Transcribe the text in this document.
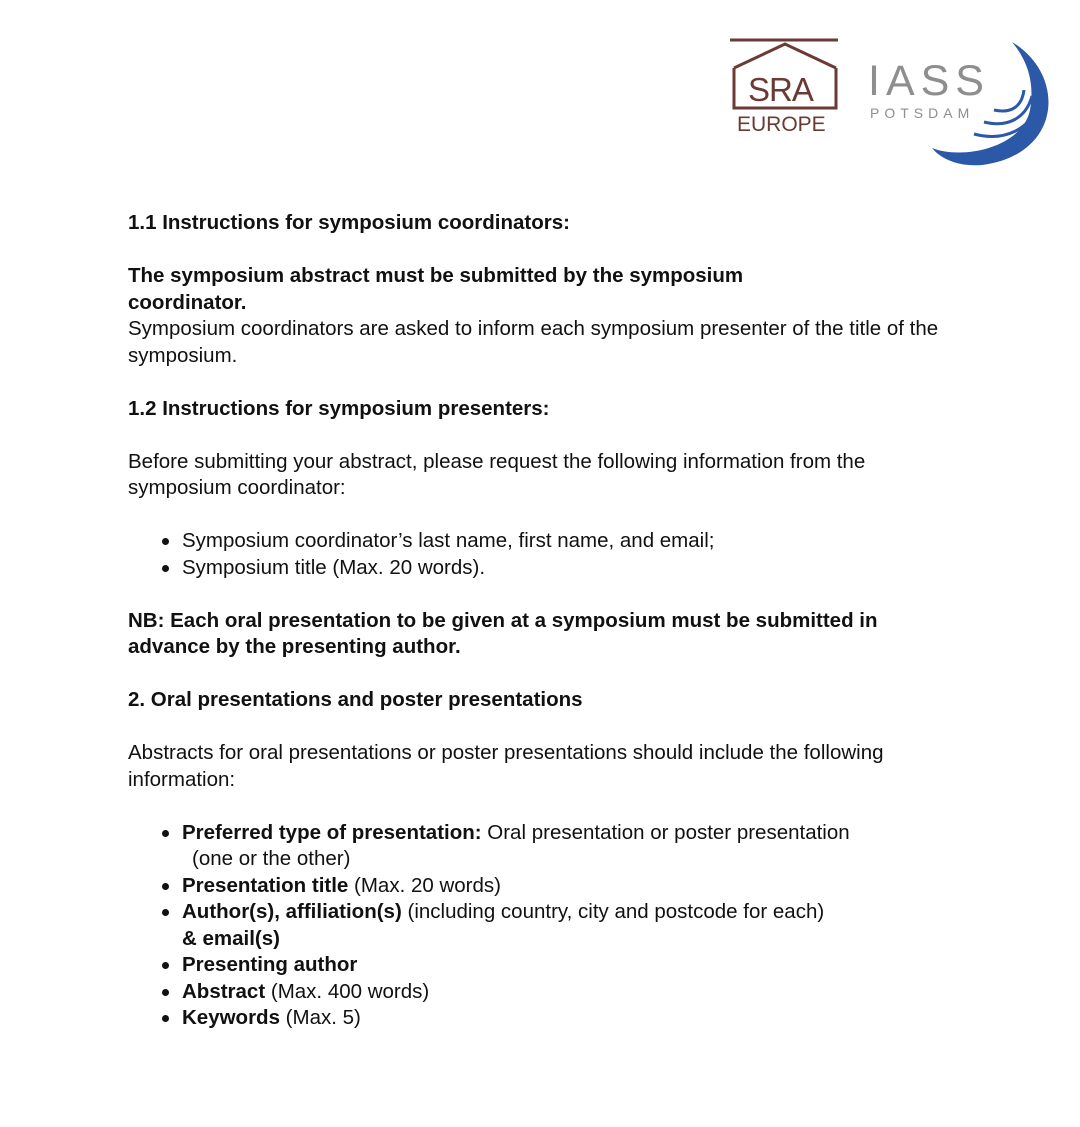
SRA
EUROPE
IASS
POTSDAM

1.1 Instructions for symposium coordinators:

The symposium abstract must be submitted by the symposium coordinator.

Symposium coordinators are asked to inform each symposium presenter of the title of the symposium.

1.2 Instructions for symposium presenters:

Before submitting your abstract, please request the following information from the symposium coordinator:

Symposium coordinator’s last name, first name, and email;
Symposium title (Max. 20 words).

NB: Each oral presentation to be given at a symposium must be submitted in advance by the presenting author.

2. Oral presentations and poster presentations

Abstracts for oral presentations or poster presentations should include the following information:

Preferred type of presentation: Oral presentation or poster presentation
(one or the other)
Presentation title (Max. 20 words)
Author(s), affiliation(s) (including country, city and postcode for each)
& email(s)
Presenting author
Abstract (Max. 400 words)
Keywords (Max. 5)
